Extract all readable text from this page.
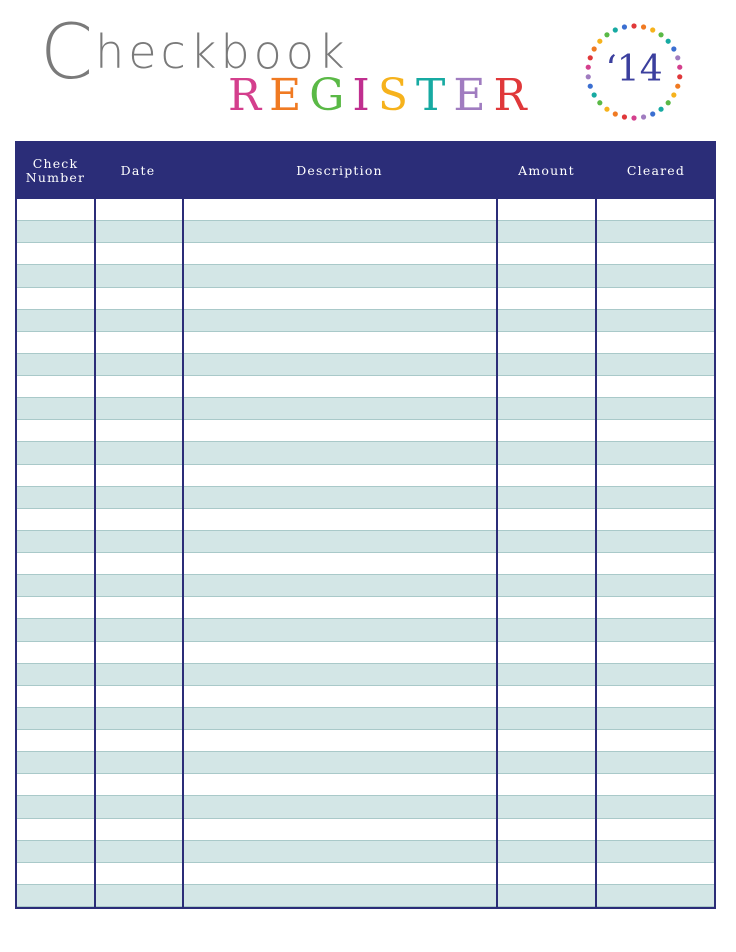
Checkbook
REGISTER
‘14
Check
Number	Date	Description	Amount	Cleared
